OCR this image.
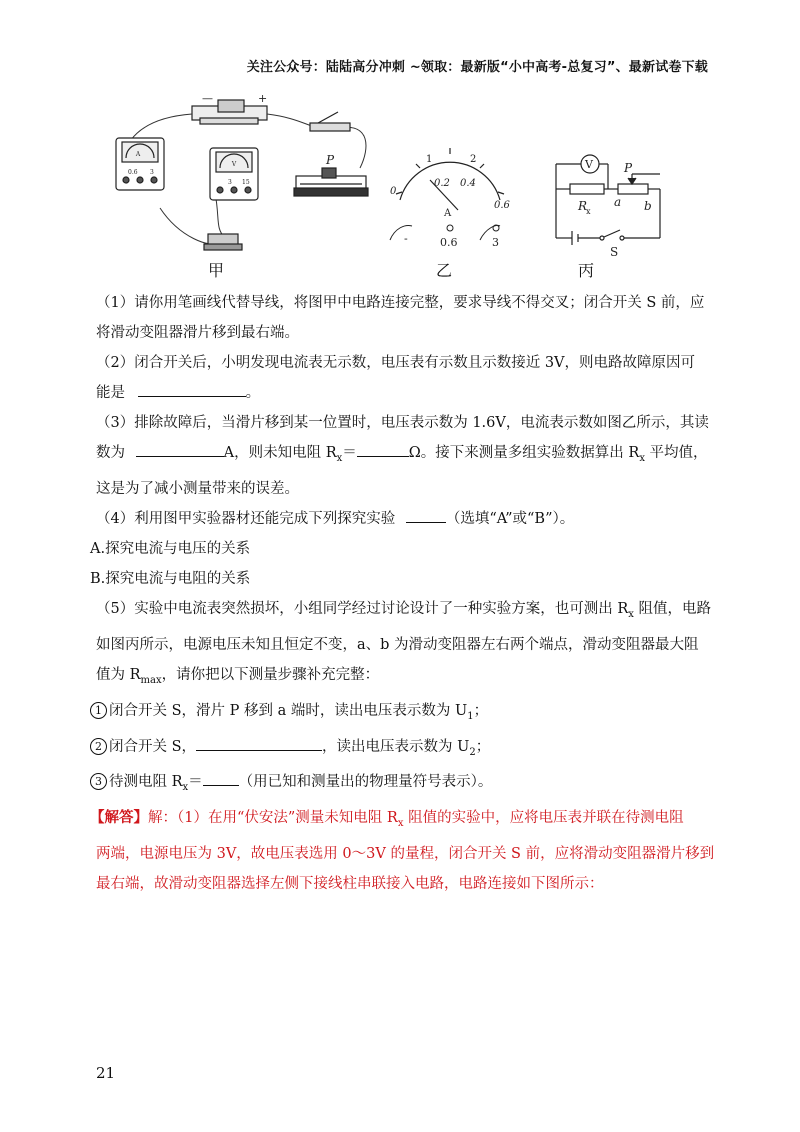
关注公众号：陆陆高分冲刺 ~领取：最新版“小中高考-总复习”、最新试卷下载
—	+
A
0.6 3
V
3 15
P
0
1	2
0.2 0.4
0.6
A
-	0.6	3
V	P
R
x
a b
S
甲	乙	丙
（1）请你用笔画线代替导线，将图甲中电路连接完整，要求导线不得交叉；闭合开关 S 前，应
将滑动变阻器滑片移到最右端。
（2）闭合开关后，小明发现电流表无示数，电压表有示数且示数接近 3V，则电路故障原因可
能是	。
（3）排除故障后，当滑片移到某一位置时，电压表示数为 1.6V，电流表示数如图乙所示，其读
数为	A，则未知电阻 $R_x=$	Ω。接下来测量多组实验数据算出 $R_x$ 平均值，
这是为了减小测量带来的误差。
（4）利用图甲实验器材还能完成下列探究实验	（选填“A”或“B”）。
A.探究电流与电压的关系
B.探究电流与电阻的关系
（5）实验中电流表突然损坏，小组同学经过讨论设计了一种实验方案，也可测出 $R_x$ 阻值，电路
如图丙所示，电源电压未知且恒定不变，a、b 为滑动变阻器左右两个端点，滑动变阻器最大阻
值为 $R_{max}$，请你把以下测量步骤补充完整：
1 闭合开关 S，滑片 P 移到 a 端时，读出电压表示数为 $U_1$；
2 闭合开关 S，	，读出电压表示数为 $U_2$；
3 待测电阻 $R_x=$ （用已知和测量出的物理量符号表示）。
【解答】解：（1）在用“伏安法”测量未知电阻 $R_x$ 阻值的实验中，应将电压表并联在待测电阻
两端，电源电压为 3V，故电压表选用 0～3V 的量程，闭合开关 S 前，应将滑动变阻器滑片移到
最右端，故滑动变阻器选择左侧下接线柱串联接入电路，电路连接如下图所示：
21
